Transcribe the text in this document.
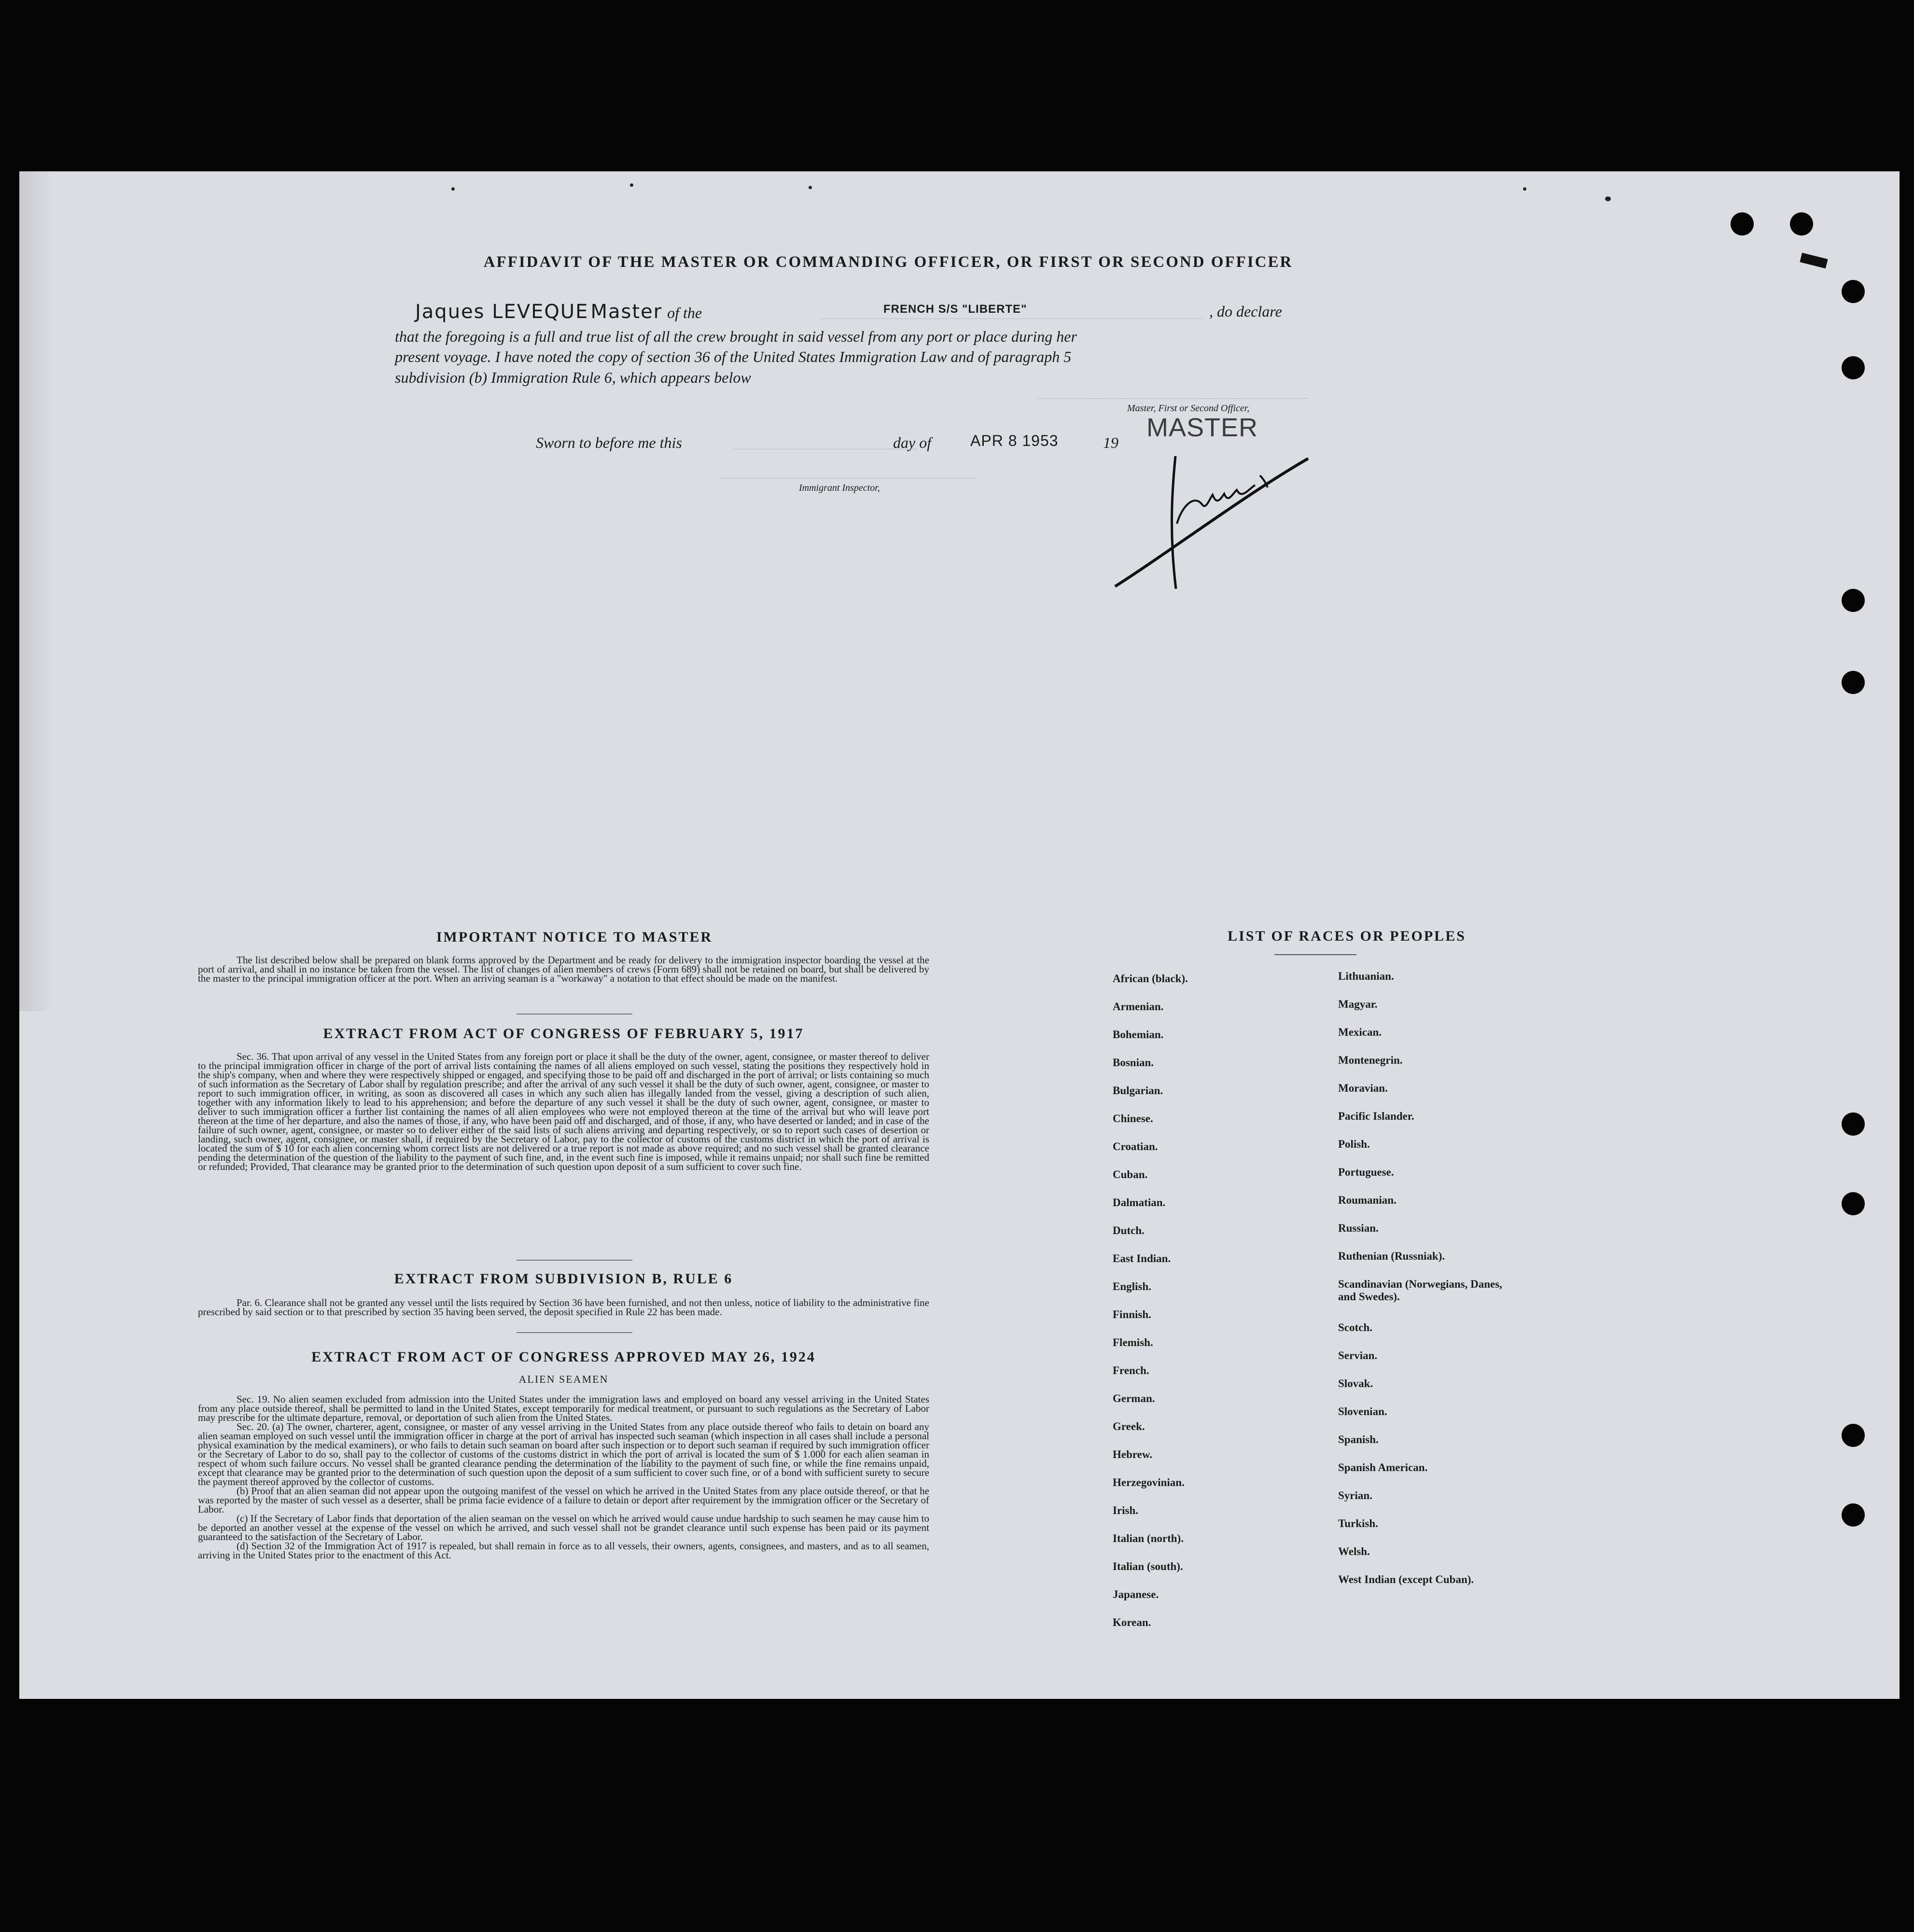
AFFIDAVIT OF THE MASTER OR COMMANDING OFFICER, OR FIRST OR SECOND OFFICER
Jaques LEVEQUE Master of the	FRENCH S/S "LIBERTE"	, do declare
that the foregoing is a full and true list of all the crew brought in said vessel from any port or place during her
present voyage. I have noted the copy of section 36 of the United States Immigration Law and of paragraph 5
subdivision (b) Immigration Rule 6, which appears below
Master, First or Second Officer,
MASTER
Sworn to before me this	day of	APR 8 1953	19
Immigrant Inspector,
IMPORTANT NOTICE TO MASTER

The list described below shall be prepared on blank forms approved by the Department and be ready for delivery to the immigration inspector boarding the vessel at the port of arrival, and shall in no instance be taken from the vessel. The list of changes of alien members of crews (Form 689) shall not be retained on board, but shall be delivered by the master to the principal immigration officer at the port. When an arriving seaman is a "workaway" a notation to that effect should be made on the manifest.

EXTRACT FROM ACT OF CONGRESS OF FEBRUARY 5, 1917

Sec. 36. That upon arrival of any vessel in the United States from any foreign port or place it shall be the duty of the owner, agent, consignee, or master thereof to deliver to the principal immigration officer in charge of the port of arrival lists containing the names of all aliens employed on such vessel, stating the positions they respectively hold in the ship's company, when and where they were respectively shipped or engaged, and specifying those to be paid off and discharged in the port of arrival; or lists containing so much of such information as the Secretary of Labor shall by regulation prescribe; and after the arrival of any such vessel it shall be the duty of such owner, agent, consignee, or master to report to such immigration officer, in writing, as soon as discovered all cases in which any such alien has illegally landed from the vessel, giving a description of such alien, together with any information likely to lead to his apprehension; and before the departure of any such vessel it shall be the duty of such owner, agent, consignee, or master to deliver to such immigration officer a further list containing the names of all alien employees who were not employed thereon at the time of the arrival but who will leave port thereon at the time of her departure, and also the names of those, if any, who have been paid off and discharged, and of those, if any, who have deserted or landed; and in case of the failure of such owner, agent, consignee, or master so to deliver either of the said lists of such aliens arriving and departing respectively, or so to report such cases of desertion or landing, such owner, agent, consignee, or master shall, if required by the Secretary of Labor, pay to the collector of customs of the customs district in which the port of arrival is located the sum of $ 10 for each alien concerning whom correct lists are not delivered or a true report is not made as above required; and no such vessel shall be granted clearance pending the determination of the question of the liability to the payment of such fine, and, in the event such fine is imposed, while it remains unpaid; nor shall such fine be remitted or refunded; Provided, That clearance may be granted prior to the determination of such question upon deposit of a sum sufficient to cover such fine.

EXTRACT FROM SUBDIVISION B, RULE 6

Par. 6. Clearance shall not be granted any vessel until the lists required by Section 36 have been furnished, and not then unless, notice of liability to the administrative fine prescribed by said section or to that prescribed by section 35 having been served, the deposit specified in Rule 22 has been made.

EXTRACT FROM ACT OF CONGRESS APPROVED MAY 26, 1924
ALIEN SEAMEN

Sec. 19. No alien seamen excluded from admission into the United States under the immigration laws and employed on board any vessel arriving in the United States from any place outside thereof, shall be permitted to land in the United States, except temporarily for medical treatment, or pursuant to such regulations as the Secretary of Labor may prescribe for the ultimate departure, removal, or deportation of such alien from the United States.

Sec. 20. (a) The owner, charterer, agent, consignee, or master of any vessel arriving in the United States from any place outside thereof who fails to detain on board any alien seaman employed on such vessel until the immigration officer in charge at the port of arrival has inspected such seaman (which inspection in all cases shall include a personal physical examination by the medical examiners), or who fails to detain such seaman on board after such inspection or to deport such seaman if required by such immigration officer or the Secretary of Labor to do so, shall pay to the collector of customs of the customs district in which the port of arrival is located the sum of $ 1.000 for each alien seaman in respect of whom such failure occurs. No vessel shall be granted clearance pending the determination of the liability to the payment of such fine, or while the fine remains unpaid, except that clearance may be granted prior to the determination of such question upon the deposit of a sum sufficient to cover such fine, or of a bond with sufficient surety to secure the payment thereof approved by the collector of customs.

(b) Proof that an alien seaman did not appear upon the outgoing manifest of the vessel on which he arrived in the United States from any place outside thereof, or that he was reported by the master of such vessel as a deserter, shall be prima facie evidence of a failure to detain or deport after requirement by the immigration officer or the Secretary of Labor.

(c) If the Secretary of Labor finds that deportation of the alien seaman on the vessel on which he arrived would cause undue hardship to such seamen he may cause him to be deported an another vessel at the expense of the vessel on which he arrived, and such vessel shall not be grandet clearance until such expense has been paid or its payment guaranteed to the satisfaction of the Secretary of Labor.

(d) Section 32 of the Immigration Act of 1917 is repealed, but shall remain in force as to all vessels, their owners, agents, consignees, and masters, and as to all seamen, arriving in the United States prior to the enactment of this Act.

LIST OF RACES OR PEOPLES
African (black).
Armenian.
Bohemian.
Bosnian.
Bulgarian.
Chinese.
Croatian.
Cuban.
Dalmatian.
Dutch.
East Indian.
English.
Finnish.
Flemish.
French.
German.
Greek.
Hebrew.
Herzegovinian.
Irish.
Italian (north).
Italian (south).
Japanese.
Korean.
Lithuanian.
Magyar.
Mexican.
Montenegrin.
Moravian.
Pacific Islander.
Polish.
Portuguese.
Roumanian.
Russian.
Ruthenian (Russniak).
Scandinavian (Norwegians, Danes, and Swedes).
Scotch.
Servian.
Slovak.
Slovenian.
Spanish.
Spanish American.
Syrian.
Turkish.
Welsh.
West Indian (except Cuban).
